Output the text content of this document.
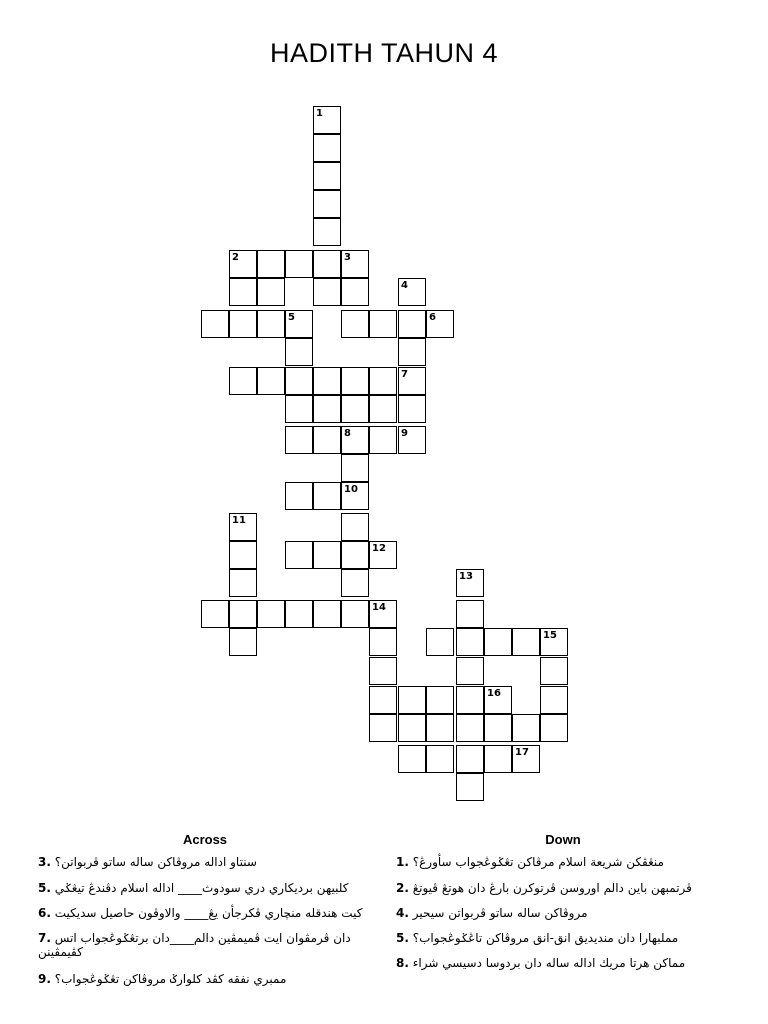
HADITH TAHUN 4
1
2	3
4
5	6
7
8	9
10
11
12
13
14
15
16
17
Across	Down
3. سنتاو اداله مروڤاكن ساله ساتو ڤربواتن؟
5. كلبيهن برديكاري دري سودوث____ اداله اسلام دڤندڠ تيڠݢي
6. كيت هندقله منچاري ڤكرجأن يڠ____ والاوڤون حاصيل سديكيت
7. دان ڤرمڤوان ايت ڤميمڤين دالم____دان برتڠݢوڠجواب اتس كڤيمڤينن
9. ممبري نفقه كڤد كلوارݢ مروڤاكن تڠݢوڠجواب؟
1. منڠڤكن شريعة اسلام مرڤاكن تڠݢوڠجواب سأورڠ؟
2. ڤرتمبهن باين دالم اوروسن ڤرتوكرن بارڠ دان هوتڠ ڤيوتڠ
4. مروڤاكن ساله ساتو ڤربواتن سيحير
5. مملبهارا دان منديديق انق-انق مروڤاكن تاڠݢوڠجواب؟
8. مماكن هرتا مريك اداله ساله دان بردوسا دسيسي شراء
